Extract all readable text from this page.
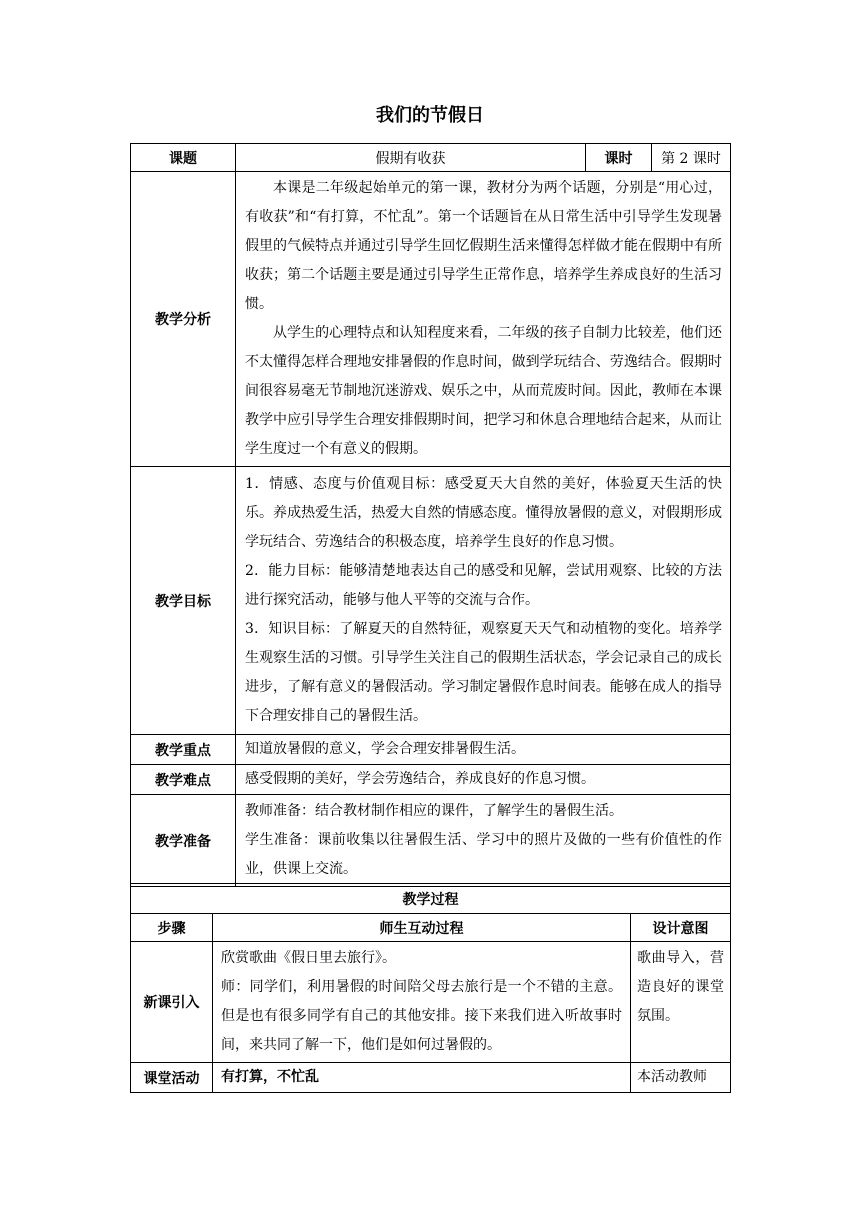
我们的节假日
课题	假期有收获	课时	第 2 课时
教学分析	本课是二年级起始单元的第一课，教材分为两个话题，分别是“用心过，有收获”和“有打算，不忙乱”。第一个话题旨在从日常生活中引导学生发现暑假里的气候特点并通过引导学生回忆假期生活来懂得怎样做才能在假期中有所收获；第二个话题主要是通过引导学生正常作息，培养学生养成良好的生活习惯。

从学生的心理特点和认知程度来看，二年级的孩子自制力比较差，他们还不太懂得怎样合理地安排暑假的作息时间，做到学玩结合、劳逸结合。假期时间很容易毫无节制地沉迷游戏、娱乐之中，从而荒废时间。因此，教师在本课教学中应引导学生合理安排假期时间，把学习和休息合理地结合起来，从而让学生度过一个有意义的假期。		

教学目标	1．情感、态度与价值观目标：感受夏天大自然的美好，体验夏天生活的快乐。养成热爱生活，热爱大自然的情感态度。懂得放暑假的意义，对假期形成学玩结合、劳逸结合的积极态度，培养学生良好的作息习惯。

2．能力目标：能够清楚地表达自己的感受和见解，尝试用观察、比较的方法进行探究活动，能够与他人平等的交流与合作。

3．知识目标：了解夏天的自然特征，观察夏天天气和动植物的变化。培养学生观察生活的习惯。引导学生关注自己的假期生活状态，学会记录自己的成长进步，了解有意义的暑假活动。学习制定暑假作息时间表。能够在成人的指导下合理安排自己的暑假生活。		

教学重点	知道放暑假的意义，学会合理安排暑假生活。		
教学难点	感受假期的美好，学会劳逸结合，养成良好的作息习惯。		
教学准备	教师准备：结合教材制作相应的课件，了解学生的暑假生活。

学生准备：课前收集以往暑假生活、学习中的照片及做的一些有价值性的作业，供课上交流。		

教学过程		
步骤	师生互动过程	设计意图
新课引入	欣赏歌曲《假日里去旅行》。

师：同学们，利用暑假的时间陪父母去旅行是一个不错的主意。但是也有很多同学有自己的其他安排。接下来我们进入听故事时间，来共同了解一下，他们是如何过暑假的。	歌曲导入，营造良好的课堂氛围。
课堂活动	有打算，不忙乱	本活动教师
